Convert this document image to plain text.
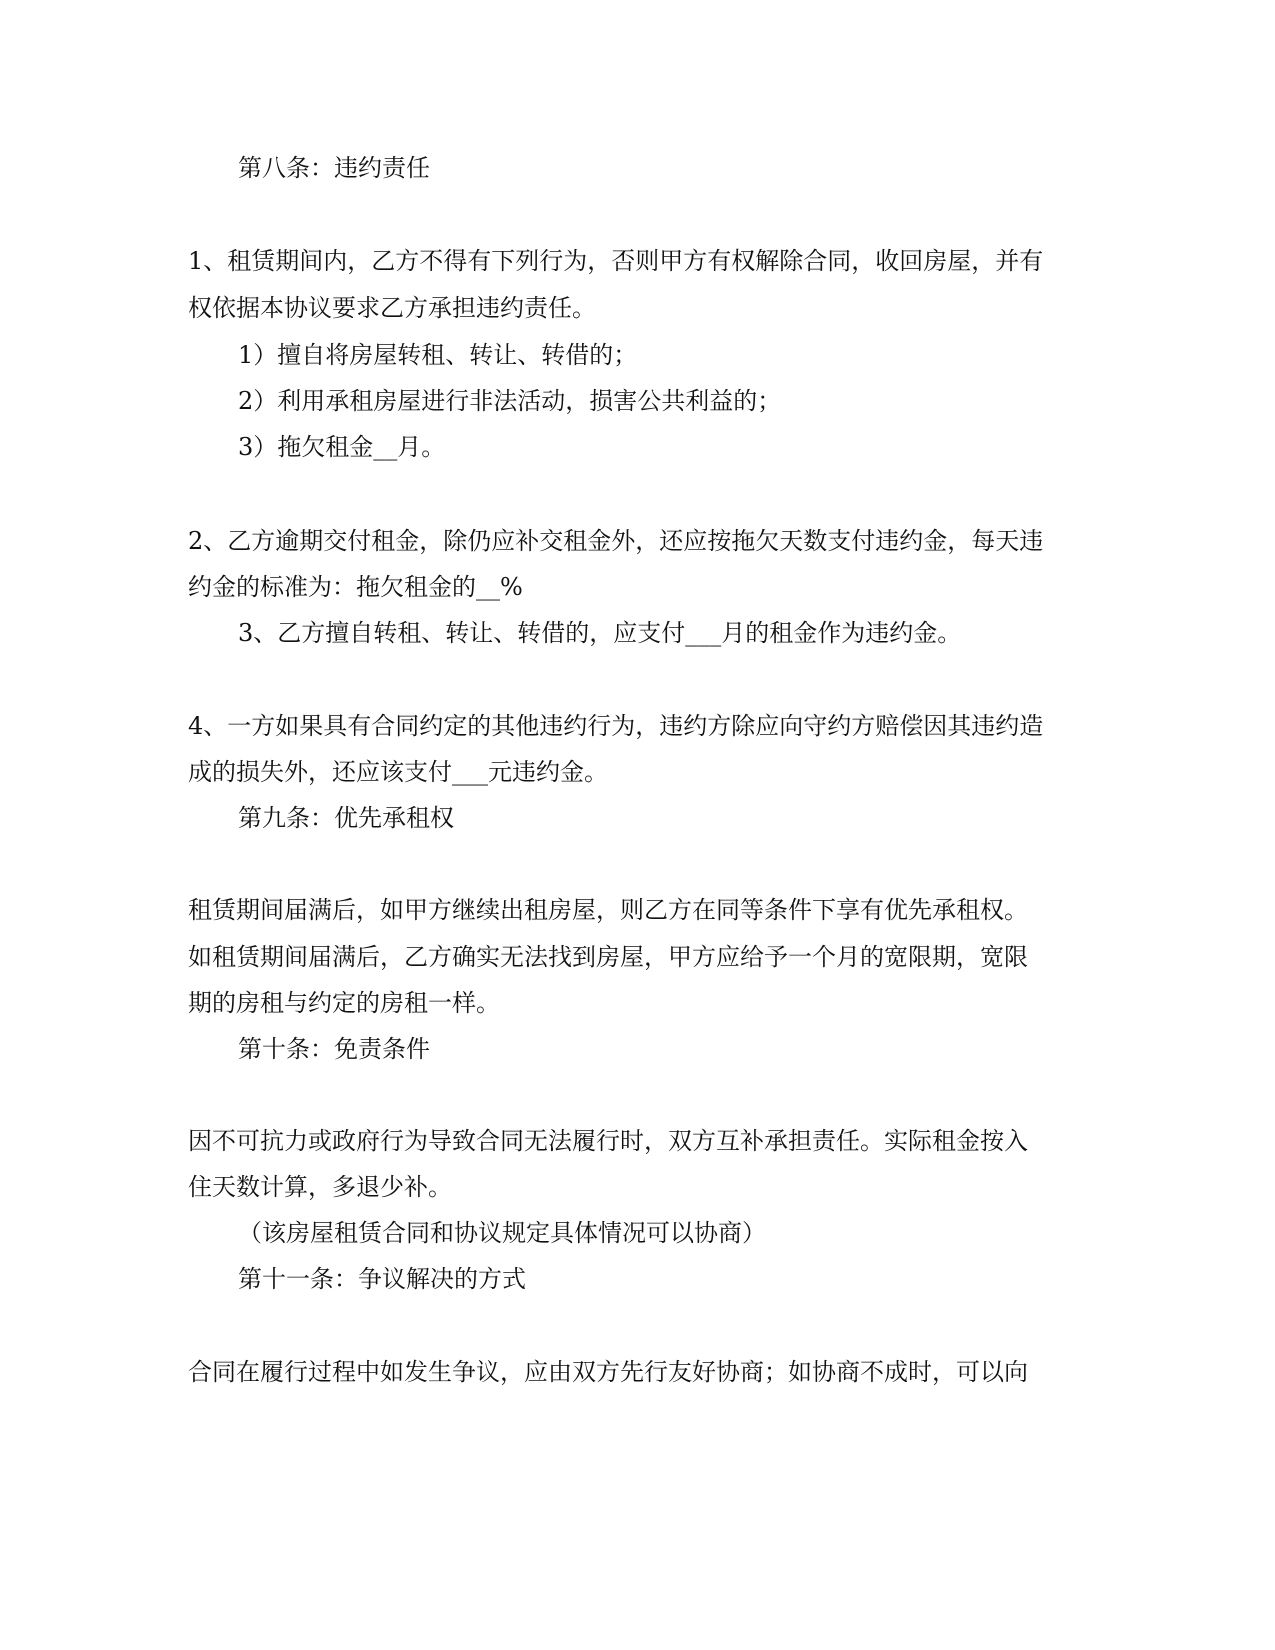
第八条：违约责任
1、租赁期间内，乙方不得有下列行为，否则甲方有权解除合同，收回房屋，并有
权依据本协议要求乙方承担违约责任。
1）擅自将房屋转租、转让、转借的；
2）利用承租房屋进行非法活动，损害公共利益的；
3）拖欠租金__月。
2、乙方逾期交付租金，除仍应补交租金外，还应按拖欠天数支付违约金，每天违
约金的标准为：拖欠租金的__%
3、乙方擅自转租、转让、转借的，应支付___月的租金作为违约金。
4、一方如果具有合同约定的其他违约行为，违约方除应向守约方赔偿因其违约造
成的损失外，还应该支付___元违约金。
第九条：优先承租权
租赁期间届满后，如甲方继续出租房屋，则乙方在同等条件下享有优先承租权。
如租赁期间届满后，乙方确实无法找到房屋，甲方应给予一个月的宽限期，宽限
期的房租与约定的房租一样。
第十条：免责条件
因不可抗力或政府行为导致合同无法履行时，双方互补承担责任。实际租金按入
住天数计算，多退少补。
（该房屋租赁合同和协议规定具体情况可以协商）
第十一条：争议解决的方式
合同在履行过程中如发生争议，应由双方先行友好协商；如协商不成时，可以向
